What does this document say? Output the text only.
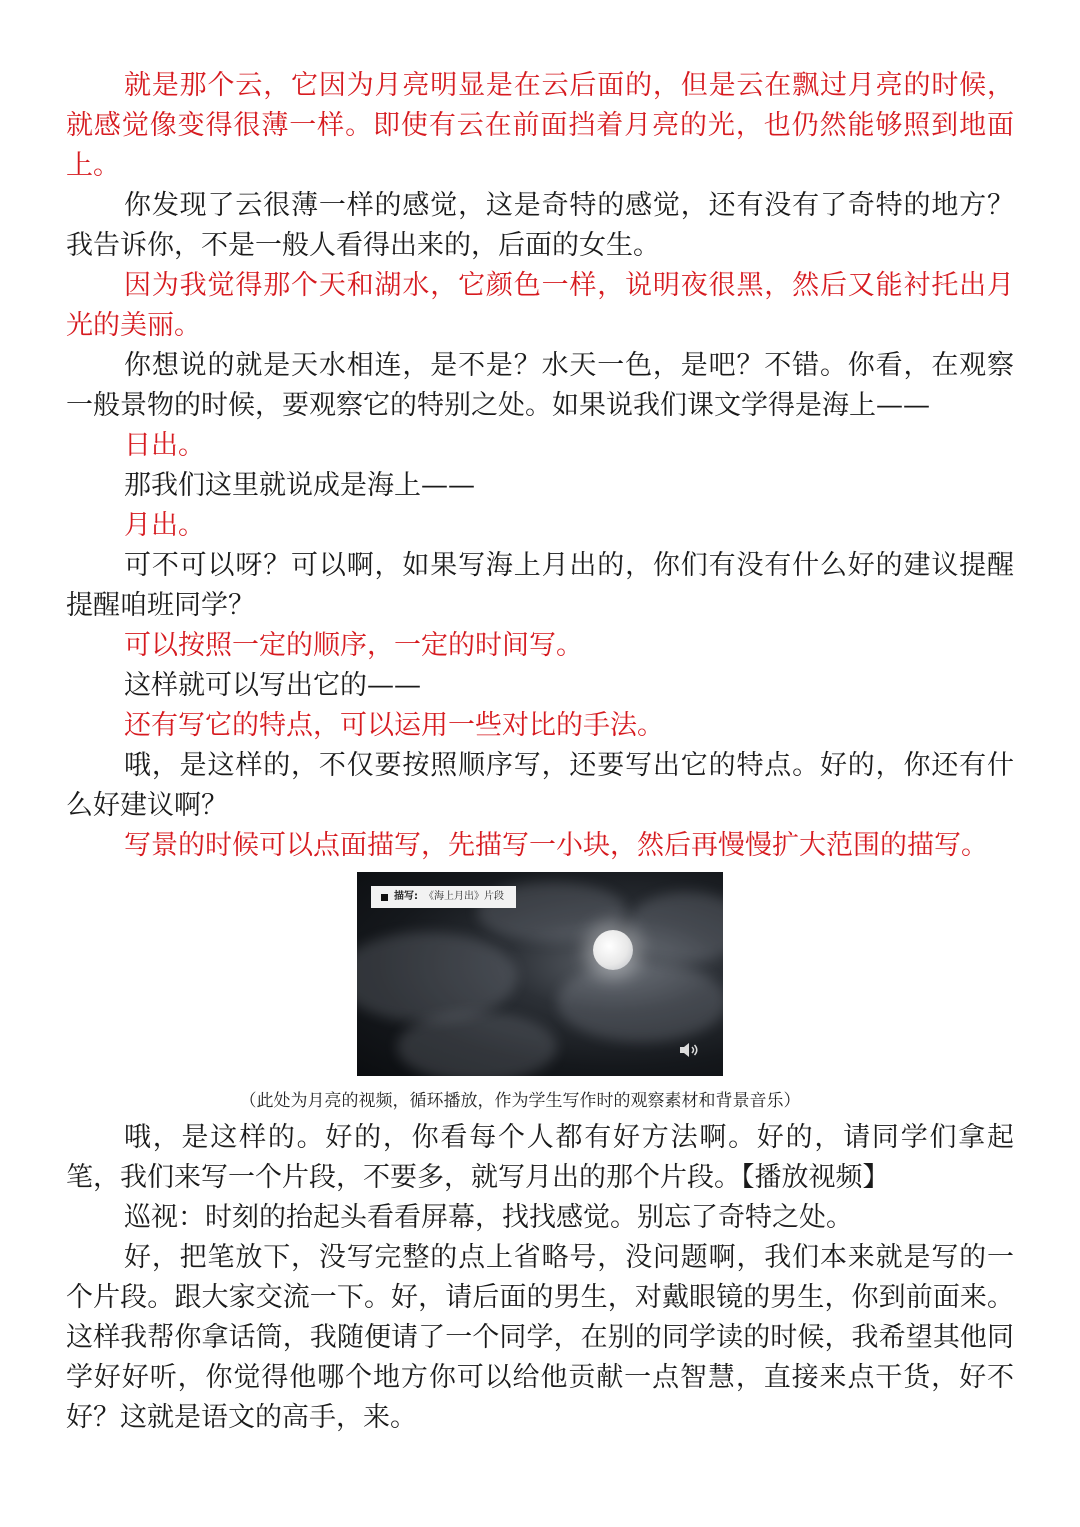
就是那个云，它因为月亮明显是在云后面的，但是云在飘过月亮的时候，就感觉像变得很薄一样。即使有云在前面挡着月亮的光，也仍然能够照到地面上。

你发现了云很薄一样的感觉，这是奇特的感觉，还有没有了奇特的地方？我告诉你，不是一般人看得出来的，后面的女生。

因为我觉得那个天和湖水，它颜色一样，说明夜很黑，然后又能衬托出月光的美丽。

你想说的就是天水相连，是不是？水天一色，是吧？不错。你看，在观察一般景物的时候，要观察它的特别之处。如果说我们课文学得是海上——

日出。

那我们这里就说成是海上——

月出。

可不可以呀？可以啊，如果写海上月出的，你们有没有什么好的建议提醒提醒咱班同学？

可以按照一定的顺序，一定的时间写。

这样就可以写出它的——

还有写它的特点，可以运用一些对比的手法。

哦，是这样的，不仅要按照顺序写，还要写出它的特点。好的，你还有什么好建议啊？

写景的时候可以点面描写，先描写一小块，然后再慢慢扩大范围的描写。

描写: 《海上月出》片段
（此处为月亮的视频，循环播放，作为学生写作时的观察素材和背景音乐）

哦，是这样的。好的，你看每个人都有好方法啊。好的，请同学们拿起笔，我们来写一个片段，不要多，就写月出的那个片段。【播放视频】

巡视：时刻的抬起头看看屏幕，找找感觉。别忘了奇特之处。

好，把笔放下，没写完整的点上省略号，没问题啊，我们本来就是写的一个片段。跟大家交流一下。好，请后面的男生，对戴眼镜的男生，你到前面来。这样我帮你拿话筒，我随便请了一个同学，在别的同学读的时候，我希望其他同学好好听，你觉得他哪个地方你可以给他贡献一点智慧，直接来点干货，好不好？这就是语文的高手，来。
